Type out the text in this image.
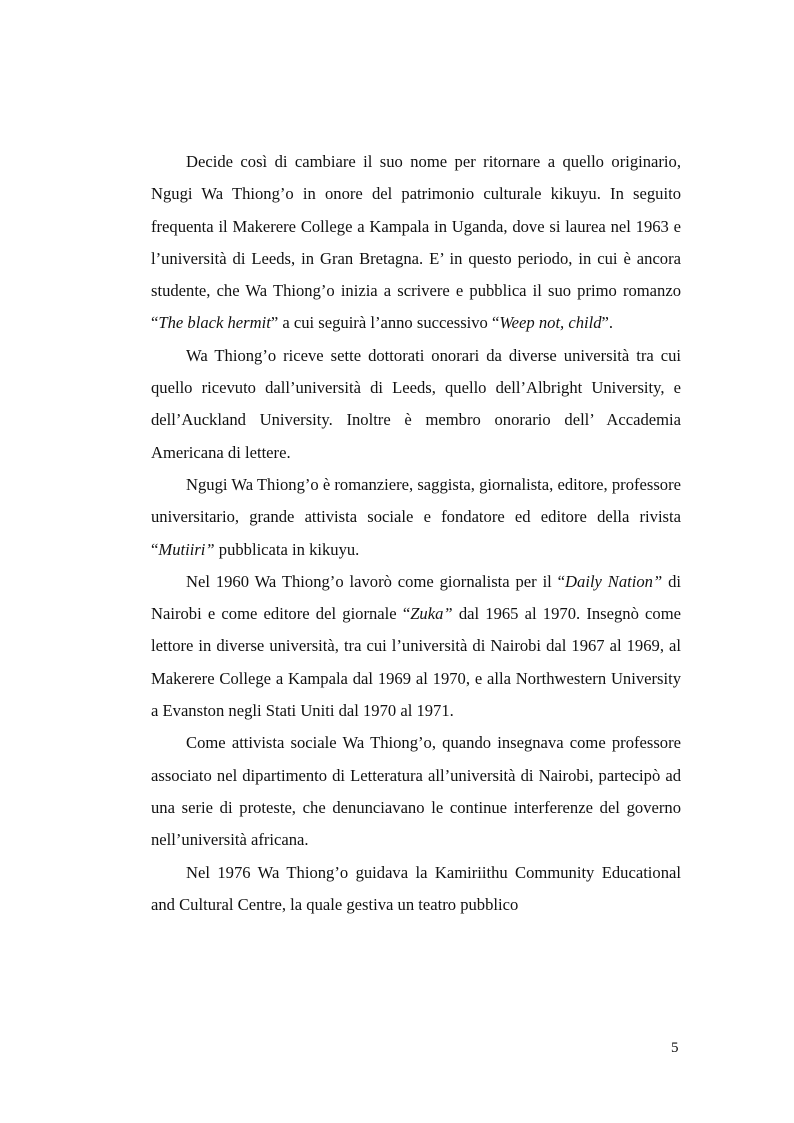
Decide così di cambiare il suo nome per ritornare a quello originario, Ngugi Wa Thiong’o in onore del patrimonio culturale kikuyu. In seguito frequenta il Makerere College a Kampala in Uganda, dove si laurea nel 1963 e l’università di Leeds, in Gran Bretagna. E’ in questo periodo, in cui è ancora studente, che Wa Thiong’o inizia a scrivere e pubblica il suo primo romanzo “The black hermit” a cui seguirà l’anno successivo “Weep not, child”.

Wa Thiong’o riceve sette dottorati onorari da diverse università tra cui quello ricevuto dall’università di Leeds, quello dell’Albright University, e dell’Auckland University. Inoltre è membro onorario dell’ Accademia Americana di lettere.

Ngugi Wa Thiong’o è romanziere, saggista, giornalista, editore, professore universitario, grande attivista sociale e fondatore ed editore della rivista “Mutiiri” pubblicata in kikuyu.

Nel 1960 Wa Thiong’o lavorò come giornalista per il “Daily Nation” di Nairobi e come editore del giornale “Zuka” dal 1965 al 1970. Insegnò come lettore in diverse università, tra cui l’università di Nairobi dal 1967 al 1969, al Makerere College a Kampala dal 1969 al 1970, e alla Northwestern University a Evanston negli Stati Uniti dal 1970 al 1971.

Come attivista sociale Wa Thiong’o, quando insegnava come professore associato nel dipartimento di Letteratura all’università di Nairobi, partecipò ad una serie di proteste, che denunciavano le continue interferenze del governo nell’università africana.

Nel 1976 Wa Thiong’o guidava la Kamiriithu Community Educational and Cultural Centre, la quale gestiva un teatro pubblico

5
